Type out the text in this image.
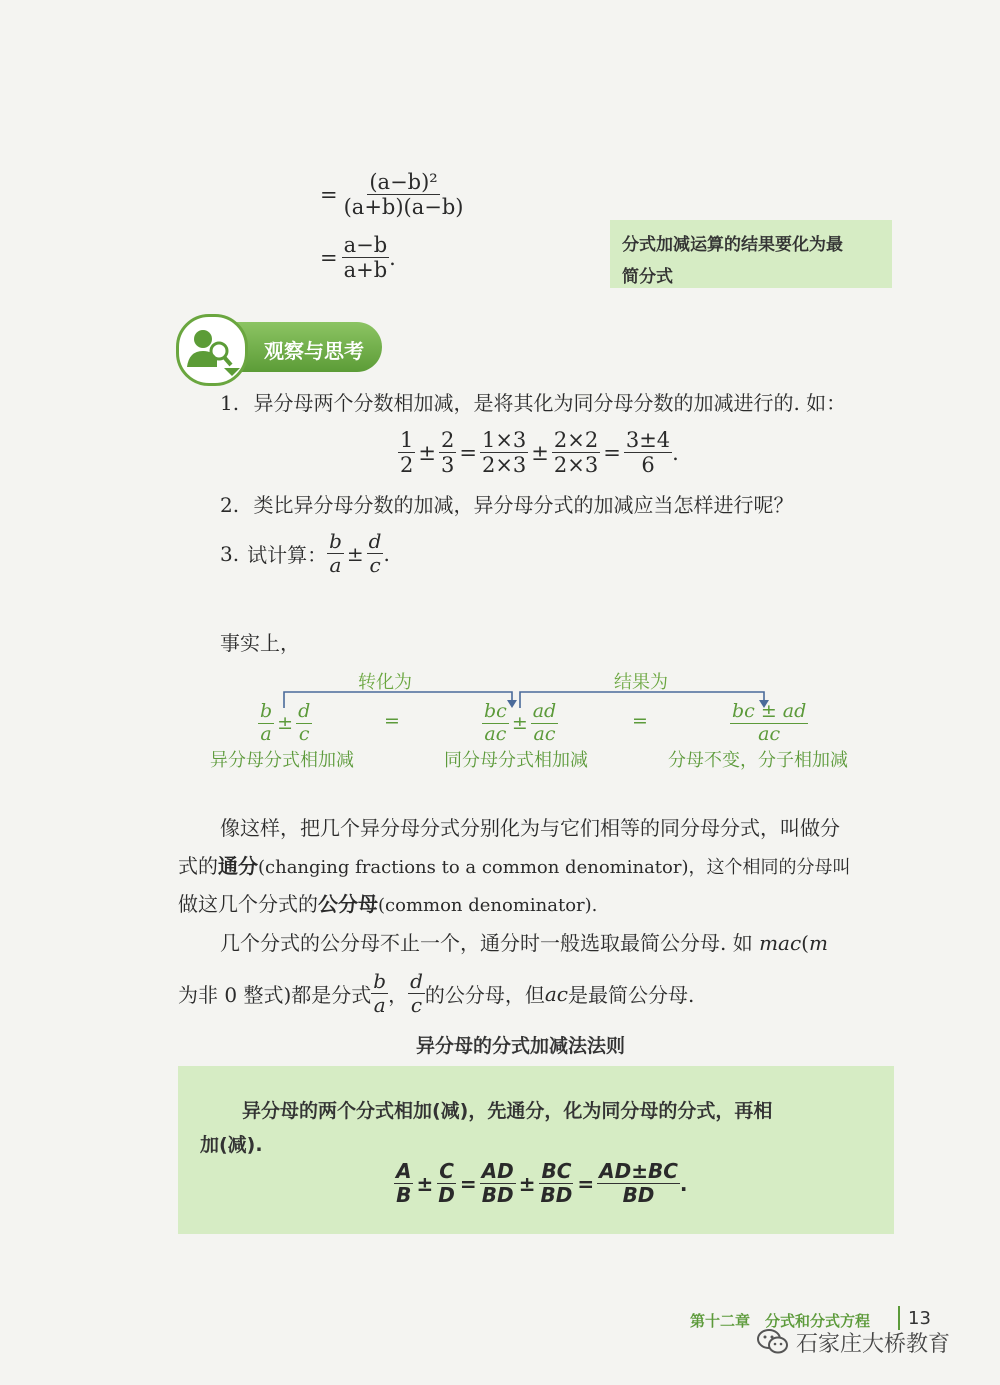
= $\frac{\text{(a−b)²}}{(a+b)(a-b)}$
= $\frac{a-b}{a+b}$ .
分式加减运算的结果要化为最
简分式
观察与思考
1. 异分母两个分数相加减，是将其化为同分母分数的加减进行的. 如：
$\frac{1}{2} \pm \frac{2}{3} = \frac{1\times 3}{2\times 3} \pm \frac{2\times 2}{2\times 3} = \frac{3\pm 4}{6}$ .
2. 类比异分母分数的加减，异分母分式的加减应当怎样进行呢？
3. 试计算： $\frac{b}{a} \pm \frac{d}{c}$ .
事实上，
转化为	结果为
$\frac{b}{a} \pm \frac{d}{c}$	=	$\frac{bc}{ac} \pm \frac{ad}{ac}$	=	$\frac{bc \pm ad}{ac}$
异分母分式相加减	同分母分式相加减	分母不变，分子相加减
像这样，把几个异分母分式分别化为与它们相等的同分母分式，叫做分
式的通分(changing fractions to a common denominator)，这个相同的分母叫
做这几个分式的公分母(common denominator).
几个分式的公分母不止一个，通分时一般选取最简公分母. 如 mac(m
为非 0 整式)都是分式 $\frac{b}{a}$ ， $\frac{d}{c}$ 的公分母，但 ac 是最简公分母.
异分母的分式加减法法则
异分母的两个分式相加(减)，先通分，化为同分母的分式，再相
加(减).
$\frac{A}{B} \pm \frac{C}{D} = \frac{AD}{BD} \pm \frac{BC}{BD} = \frac{AD\pm BC}{BD}$ .
第十二章　分式和分式方程 13
石家庄大桥教育
